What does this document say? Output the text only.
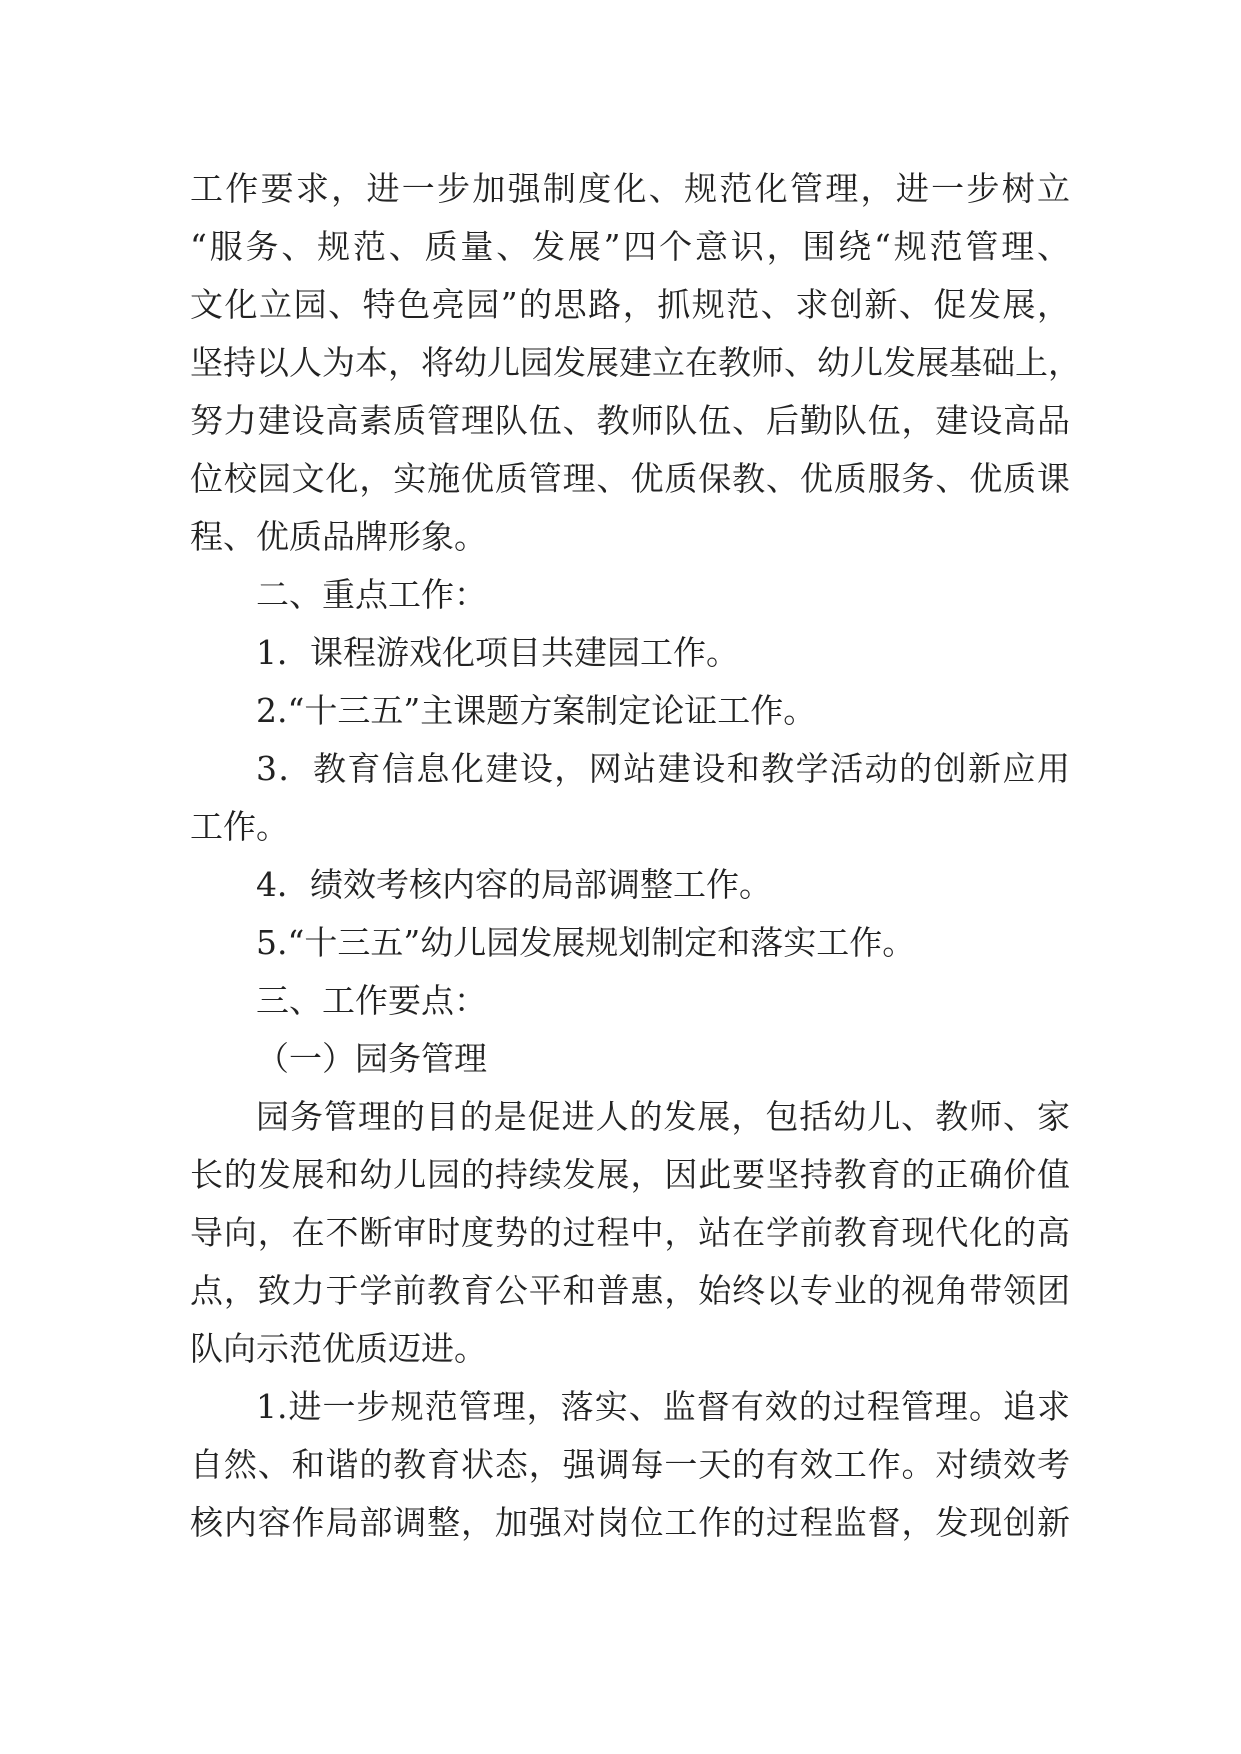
工作要求，进一步加强制度化、规范化管理，进一步树立
“服务、规范、质量、发展”四个意识，围绕“规范管理、
文化立园、特色亮园”的思路，抓规范、求创新、促发展，
坚持以人为本，将幼儿园发展建立在教师、幼儿发展基础上，
努力建设高素质管理队伍、教师队伍、后勤队伍，建设高品
位校园文化，实施优质管理、优质保教、优质服务、优质课
程、优质品牌形象。
二、重点工作：
1．课程游戏化项目共建园工作。
2.“十三五”主课题方案制定论证工作。
3．教育信息化建设，网站建设和教学活动的创新应用
工作。
4．绩效考核内容的局部调整工作。
5.“十三五”幼儿园发展规划制定和落实工作。
三、工作要点：
（一）园务管理
园务管理的目的是促进人的发展，包括幼儿、教师、家
长的发展和幼儿园的持续发展，因此要坚持教育的正确价值
导向，在不断审时度势的过程中，站在学前教育现代化的高
点，致力于学前教育公平和普惠，始终以专业的视角带领团
队向示范优质迈进。
1.进一步规范管理，落实、监督有效的过程管理。追求
自然、和谐的教育状态，强调每一天的有效工作。对绩效考
核内容作局部调整，加强对岗位工作的过程监督，发现创新
